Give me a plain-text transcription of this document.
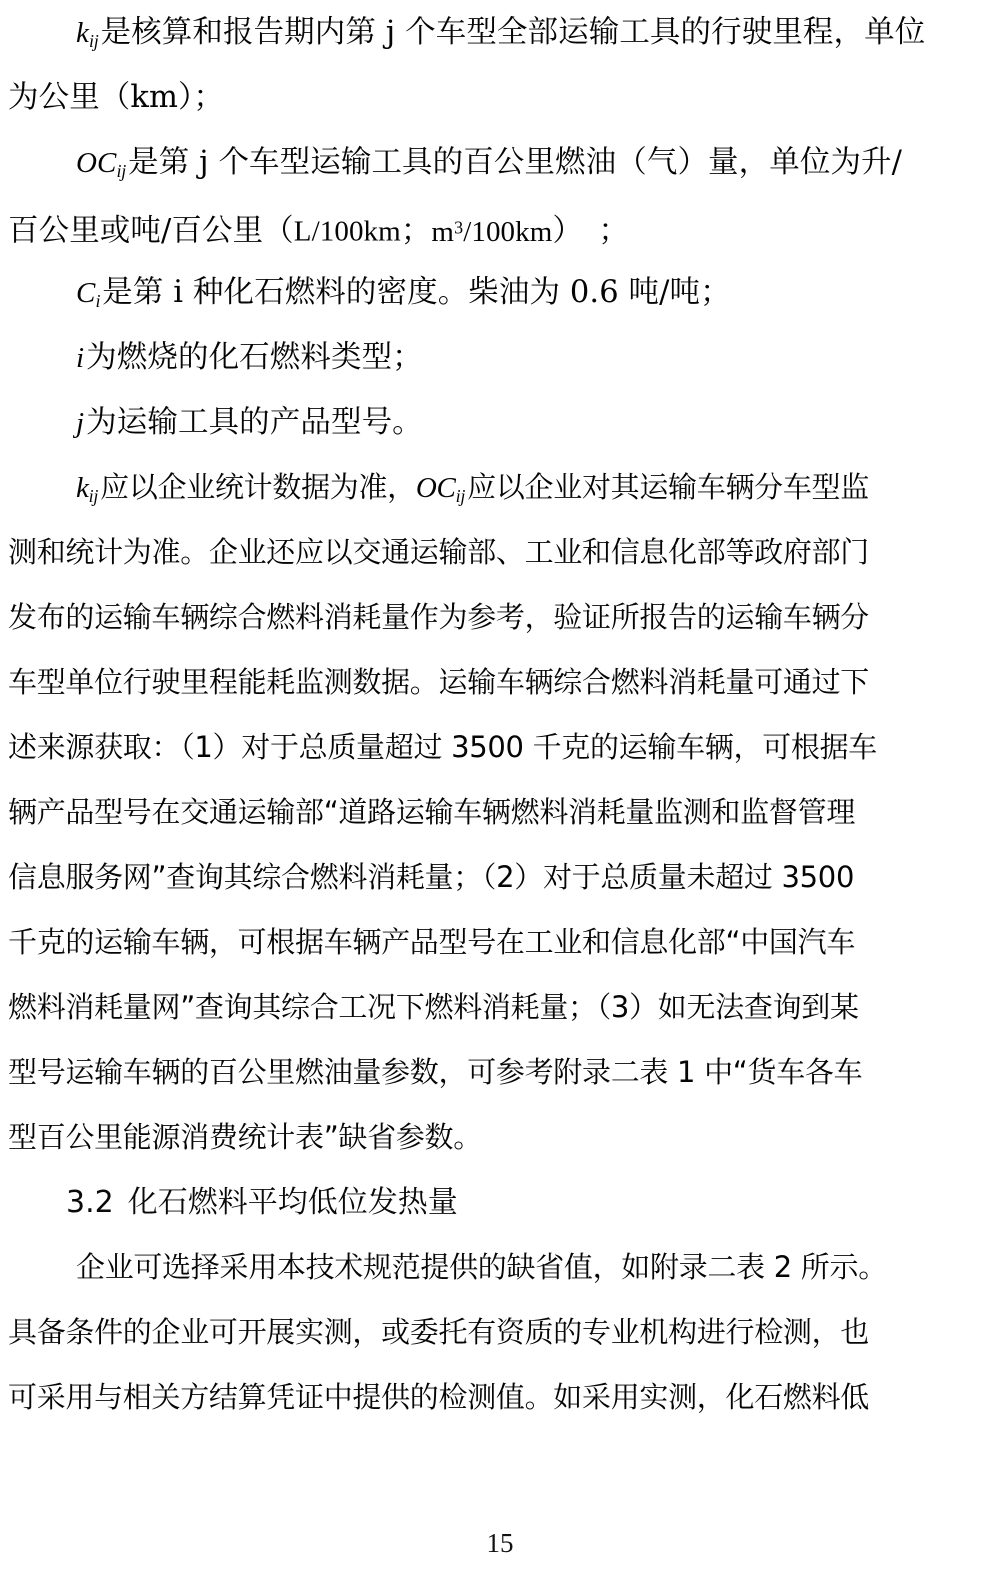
$k_{ij}$是核算和报告期内第 j 个车型全部运输工具的行驶里程，单位
为公里（km）；
$OC_{ij}$是第 j 个车型运输工具的百公里燃油（气）量，单位为升/
百公里或吨/百公里（L/100km；$m^3/100km$）　；
$C_i$是第 i 种化石燃料的密度。柴油为 0.6 吨/吨；
i为燃烧的化石燃料类型；
j为运输工具的产品型号。
$k_{ij}$应以企业统计数据为准，$OC_{ij}$应以企业对其运输车辆分车型监
测和统计为准。企业还应以交通运输部、工业和信息化部等政府部门
发布的运输车辆综合燃料消耗量作为参考，验证所报告的运输车辆分
车型单位行驶里程能耗监测数据。运输车辆综合燃料消耗量可通过下
述来源获取：（1）对于总质量超过 3500 千克的运输车辆，可根据车
辆产品型号在交通运输部“道路运输车辆燃料消耗量监测和监督管理
信息服务网”查询其综合燃料消耗量；（2）对于总质量未超过 3500
千克的运输车辆，可根据车辆产品型号在工业和信息化部“中国汽车
燃料消耗量网”查询其综合工况下燃料消耗量；（3）如无法查询到某
型号运输车辆的百公里燃油量参数，可参考附录二表 1 中“货车各车
型百公里能源消费统计表”缺省参数。
3.2 化石燃料平均低位发热量
企业可选择采用本技术规范提供的缺省值，如附录二表 2 所示。
具备条件的企业可开展实测，或委托有资质的专业机构进行检测，也
可采用与相关方结算凭证中提供的检测值。如采用实测，化石燃料低
15
